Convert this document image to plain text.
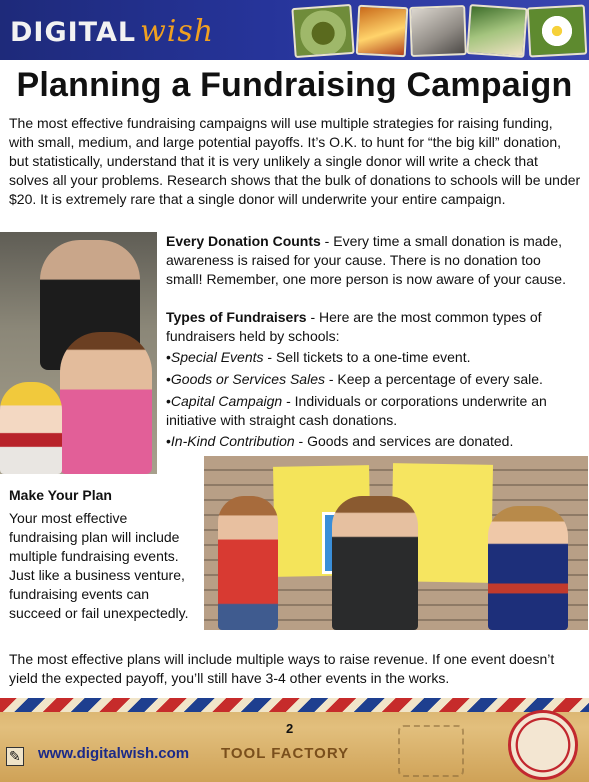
DIGITAL wish
Planning a Fundraising Campaign

The most effective fundraising campaigns will use multiple strategies for raising funding, with small, medium, and large potential payoffs. It’s O.K. to hunt for “the big kill” donation, but statistically, understand that it is very unlikely a single donor will write a check that solves all your problems. Research shows that the bulk of donations to schools will be under $20. It is extremely rare that a single donor will underwrite your entire campaign.

Every Donation Counts - Every time a small donation is made, awareness is raised for your cause. There is no donation too small! Remember, one more person is now aware of your cause.

Types of Fundraisers - Here are the most common types of fundraisers held by schools:

•Special Events - Sell tickets to a one-time event.

•Goods or Services Sales - Keep a percentage of every sale.

•Capital Campaign - Individuals or corporations underwrite an initiative with straight cash donations.

•In-Kind Contribution - Goods and services are donated.

Make Your Plan

Your most effective fundraising plan will include multiple fundraising events. Just like a business venture, fundraising events can succeed or fail unexpectedly.

The most effective plans will include multiple ways to raise revenue. If one event doesn’t yield the expected payoff, you’ll still have 3-4 other events in the works.

2
✎	www.digitalwish.com TOOL FACTORY
